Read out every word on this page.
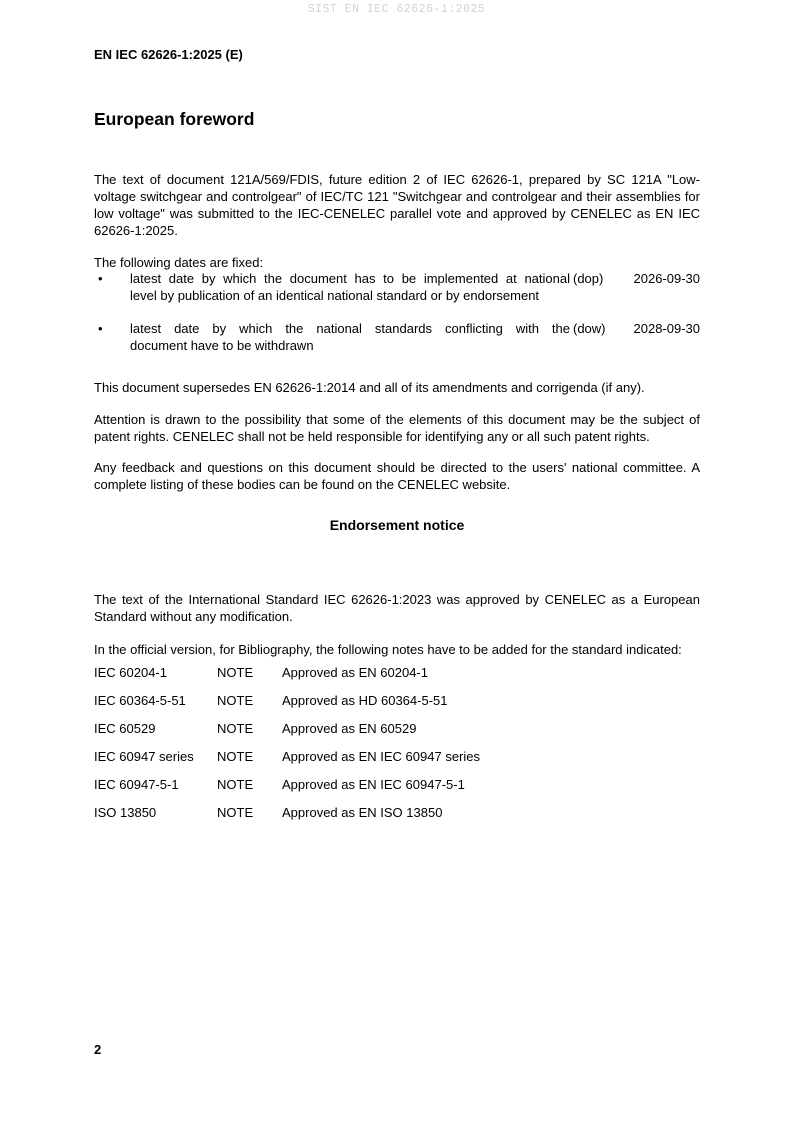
SIST EN IEC 62626-1:2025
EN IEC 62626-1:2025 (E)
European foreword

The text of document 121A/569/FDIS, future edition 2 of IEC 62626-1, prepared by SC 121A "Low-voltage switchgear and controlgear" of IEC/TC 121 "Switchgear and controlgear and their assemblies for low voltage" was submitted to the IEC-CENELEC parallel vote and approved by CENELEC as EN IEC 62626-1:2025.

The following dates are fixed:

• latest date by which the document has to be implemented at national
level by publication of an identical national standard or by endorsement
(dop) 2026-09-30
• latest date by which the national standards conflicting with the
document have to be withdrawn
(dow) 2028-09-30

This document supersedes EN 62626-1:2014 and all of its amendments and corrigenda (if any).

Attention is drawn to the possibility that some of the elements of this document may be the subject of patent rights. CENELEC shall not be held responsible for identifying any or all such patent rights.

Any feedback and questions on this document should be directed to the users' national committee. A complete listing of these bodies can be found on the CENELEC website.

Endorsement notice

The text of the International Standard IEC 62626-1:2023 was approved by CENELEC as a European Standard without any modification.

In the official version, for Bibliography, the following notes have to be added for the standard indicated:

IEC 60204-1	NOTE Approved as EN 60204-1
IEC 60364-5-51	NOTE Approved as HD 60364-5-51
IEC 60529	NOTE Approved as EN 60529
IEC 60947 series	NOTE Approved as EN IEC 60947 series
IEC 60947-5-1	NOTE Approved as EN IEC 60947-5-1
ISO 13850	NOTE Approved as EN ISO 13850
2
